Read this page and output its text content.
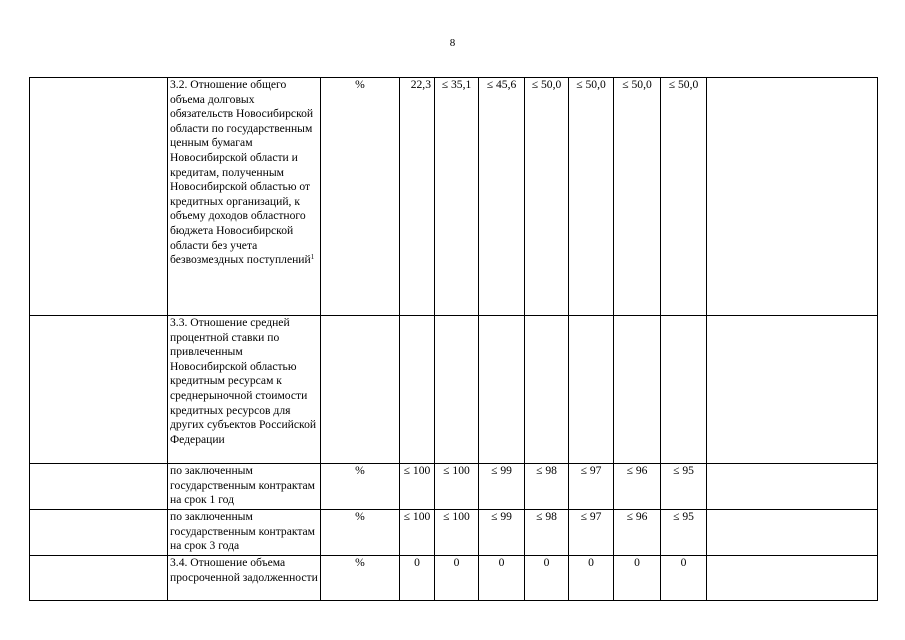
8
	3.2. Отношение общего объема долговых обязательств Новосибирской области по государственным ценным бумагам Новосибирской области и кредитам, полученным Новосибирской областью от кредитных организаций, к объему доходов областного бюджета Новосибирской области без учета безвозмездных поступлений$^1$	%	22,3	≤ 35,1	≤ 45,6	≤ 50,0	≤ 50,0	≤ 50,0	≤ 50,0	
	3.3. Отношение средней процентной ставки по привлеченным Новосибирской областью кредитным ресурсам к среднерыночной стоимости кредитных ресурсов для других субъектов Российской Федерации									
	по заключенным государственным контрактам на срок 1 год	%	≤ 100	≤ 100	≤ 99	≤ 98	≤ 97	≤ 96	≤ 95	
	по заключенным государственным контрактам на срок 3 года	%	≤ 100	≤ 100	≤ 99	≤ 98	≤ 97	≤ 96	≤ 95	
	3.4. Отношение объема просроченной задолженности	%	0	0	0	0	0	0	0	
